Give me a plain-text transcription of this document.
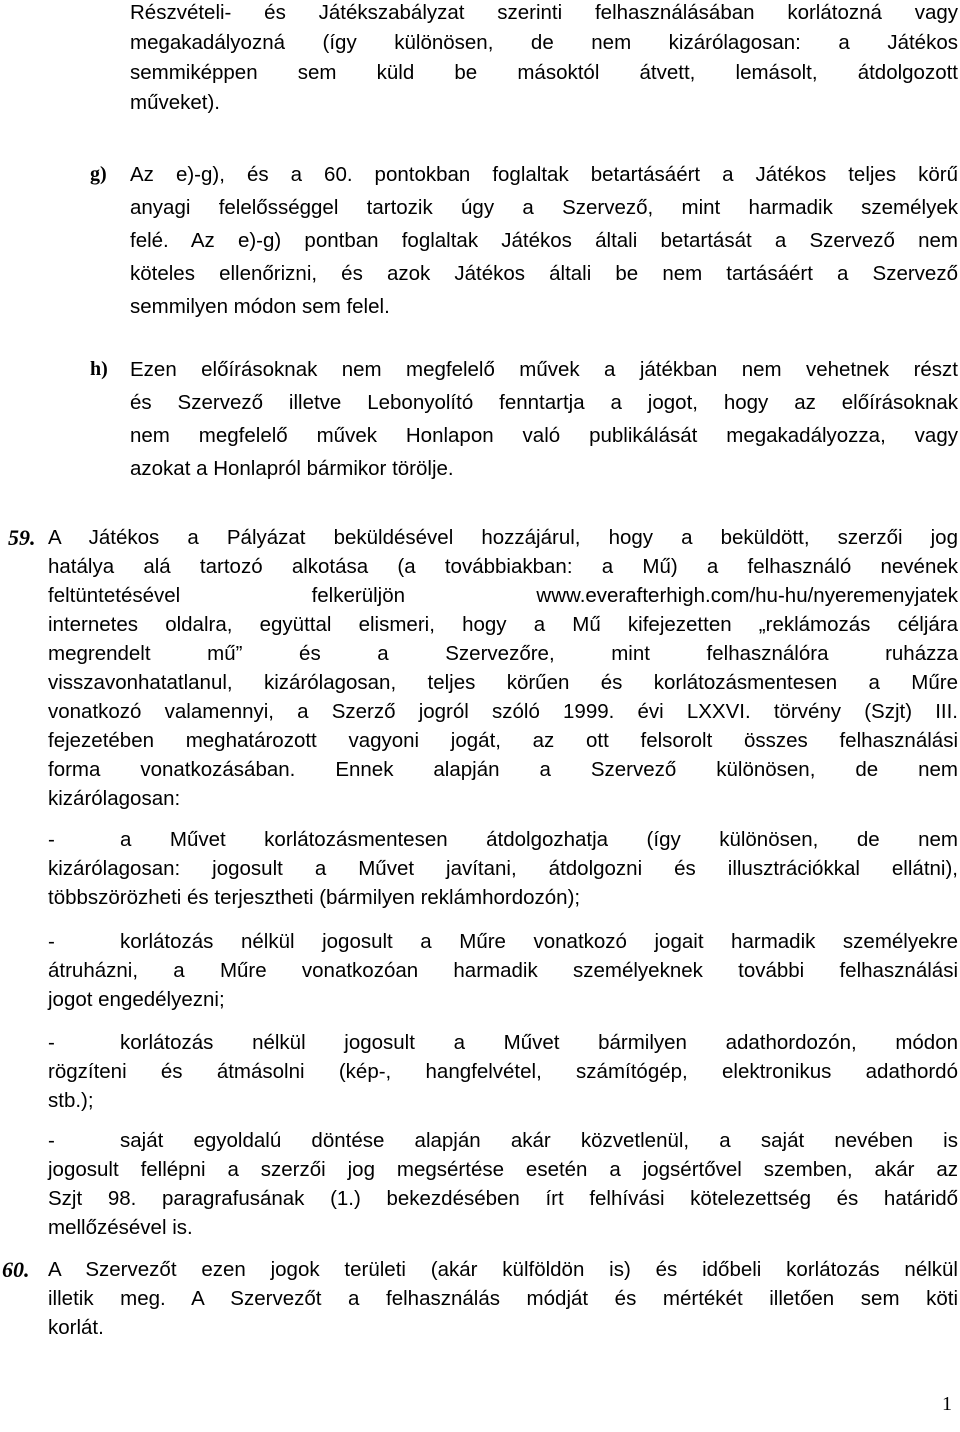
Részvételi- és Játékszabályzat szerinti felhasználásában korlátozná vagy
megakadályozná (így különösen, de nem kizárólagosan: a Játékos
semmiképpen sem küld be másoktól átvett, lemásolt, átdolgozott
műveket).
g) Az e)-g), és a 60. pontokban foglaltak betartásáért a Játékos teljes körű
anyagi felelősséggel tartozik úgy a Szervező, mint harmadik személyek
felé. Az e)-g) pontban foglaltak Játékos általi betartását a Szervező nem
köteles ellenőrizni, és azok Játékos általi be nem tartásáért a Szervező
semmilyen módon sem felel.
h) Ezen előírásoknak nem megfelelő művek a játékban nem vehetnek részt
és Szervező illetve Lebonyolító fenntartja a jogot, hogy az előírásoknak
nem megfelelő művek Honlapon való publikálását megakadályozza, vagy
azokat a Honlapról bármikor törölje.
59. A Játékos a Pályázat beküldésével hozzájárul, hogy a beküldött, szerzői jog
hatálya alá tartozó alkotása (a továbbiakban: a Mű) a felhasználó nevének
feltüntetésével felkerüljön www.everafterhigh.com/hu-hu/nyeremenyjatek
internetes oldalra, együttal elismeri, hogy a Mű kifejezetten „reklámozás céljára
megrendelt mű” és a Szervezőre, mint felhasználóra ruházza
visszavonhatatlanul, kizárólagosan, teljes körűen és korlátozásmentesen a Műre
vonatkozó valamennyi, a Szerző jogról szóló 1999. évi LXXVI. törvény (Szjt) III.
fejezetében meghatározott vagyoni jogát, az ott felsorolt összes felhasználási
forma vonatkozásában. Ennek alapján a Szervező különösen, de nem
kizárólagosan:
-	a Művet korlátozásmentesen átdolgozhatja (így különösen, de nem
kizárólagosan: jogosult a Művet javítani, átdolgozni és illusztrációkkal ellátni),
többszörözheti és terjesztheti (bármilyen reklámhordozón);
-	korlátozás nélkül jogosult a Műre vonatkozó jogait harmadik személyekre
átruházni, a Műre vonatkozóan harmadik személyeknek további felhasználási
jogot engedélyezni;
-	korlátozás nélkül jogosult a Művet bármilyen adathordozón, módon
rögzíteni és átmásolni (kép-, hangfelvétel, számítógép, elektronikus adathordó
stb.);
-	saját egyoldalú döntése alapján akár közvetlenül, a saját nevében is
jogosult fellépni a szerzői jog megsértése esetén a jogsértővel szemben, akár az
Szjt 98. paragrafusának (1.) bekezdésében írt felhívási kötelezettség és határidő
mellőzésével is.
60. A Szervezőt ezen jogok területi (akár külföldön is) és időbeli korlátozás nélkül
illetik meg. A Szervezőt a felhasználás módját és mértékét illetően sem köti
korlát.
1
